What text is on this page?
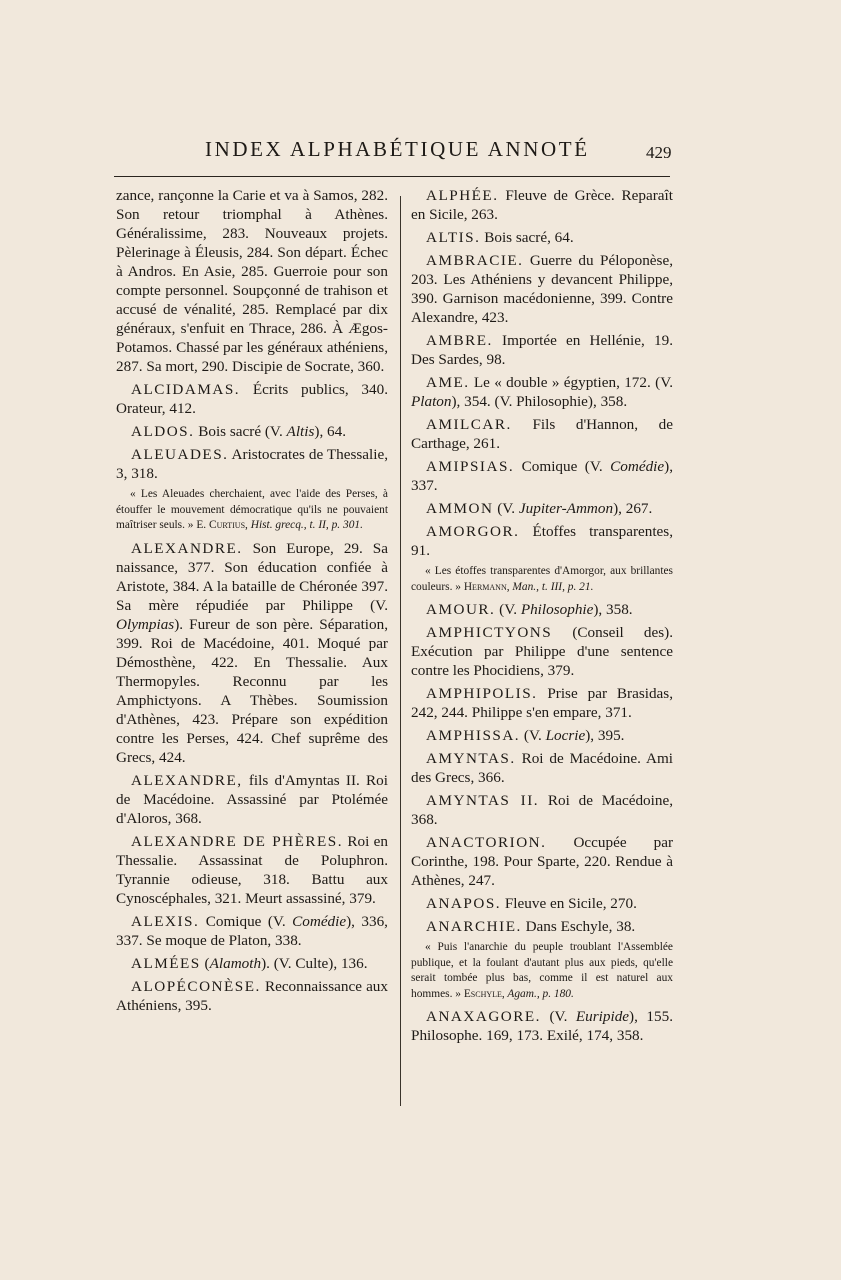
INDEX ALPHABÉTIQUE ANNOTÉ	429

zance, rançonne la Carie et va à Samos, 282. Son retour triomphal à Athènes. Généralissime, 283. Nouveaux projets. Pèlerinage à Éleusis, 284. Son départ. Échec à Andros. En Asie, 285. Guerroie pour son compte personnel. Soupçonné de trahison et accusé de vénalité, 285. Remplacé par dix généraux, s'enfuit en Thrace, 286. À Ægos-Potamos. Chassé par les généraux athéniens, 287. Sa mort, 290. Discipie de Socrate, 360.

ALCIDAMAS. Écrits publics, 340. Orateur, 412.

ALDOS. Bois sacré (V. Altis), 64.

ALEUADES. Aristocrates de Thessalie, 3, 318.

« Les Aleuades cherchaient, avec l'aide des Perses, à étouffer le mouvement démocratique qu'ils ne pouvaient maîtriser seuls. » E. Curtius, Hist. grecq., t. II, p. 301.

ALEXANDRE. Son Europe, 29. Sa naissance, 377. Son éducation confiée à Aristote, 384. A la bataille de Chéronée 397. Sa mère répudiée par Philippe (V. Olympias). Fureur de son père. Séparation, 399. Roi de Macédoine, 401. Moqué par Démosthène, 422. En Thessalie. Aux Thermopyles. Reconnu par les Amphictyons. A Thèbes. Soumission d'Athènes, 423. Prépare son expédition contre les Perses, 424. Chef suprême des Grecs, 424.

ALEXANDRE, fils d'Amyntas II. Roi de Macédoine. Assassiné par Ptolémée d'Aloros, 368.

ALEXANDRE DE PHÈRES. Roi en Thessalie. Assassinat de Poluphron. Tyrannie odieuse, 318. Battu aux Cynoscéphales, 321. Meurt assassiné, 379.

ALEXIS. Comique (V. Comédie), 336, 337. Se moque de Platon, 338.

ALMÉES (Alamoth). (V. Culte), 136.

ALOPÉCONÈSE. Reconnaissance aux Athéniens, 395.

ALPHÉE. Fleuve de Grèce. Reparaît en Sicile, 263.

ALTIS. Bois sacré, 64.

AMBRACIE. Guerre du Péloponèse, 203. Les Athéniens y devancent Philippe, 390. Garnison macédonienne, 399. Contre Alexandre, 423.

AMBRE. Importée en Hellénie, 19. Des Sardes, 98.

AME. Le « double » égyptien, 172. (V. Platon), 354. (V. Philosophie), 358.

AMILCAR. Fils d'Hannon, de Carthage, 261.

AMIPSIAS. Comique (V. Comédie), 337.

AMMON (V. Jupiter-Ammon), 267.

AMORGOR. Étoffes transparentes, 91.

« Les étoffes transparentes d'Amorgor, aux brillantes couleurs. » Hermann, Man., t. III, p. 21.

AMOUR. (V. Philosophie), 358.

AMPHICTYONS (Conseil des). Exécution par Philippe d'une sentence contre les Phocidiens, 379.

AMPHIPOLIS. Prise par Brasidas, 242, 244. Philippe s'en empare, 371.

AMPHISSA. (V. Locrie), 395.

AMYNTAS. Roi de Macédoine. Ami des Grecs, 366.

AMYNTAS II. Roi de Macédoine, 368.

ANACTORION. Occupée par Corinthe, 198. Pour Sparte, 220. Rendue à Athènes, 247.

ANAPOS. Fleuve en Sicile, 270.

ANARCHIE. Dans Eschyle, 38.

« Puis l'anarchie du peuple troublant l'Assemblée publique, et la foulant d'autant plus aux pieds, qu'elle serait tombée plus bas, comme il est naturel aux hommes. » Eschyle, Agam., p. 180.

ANAXAGORE. (V. Euripide), 155. Philosophe. 169, 173. Exilé, 174, 358.
